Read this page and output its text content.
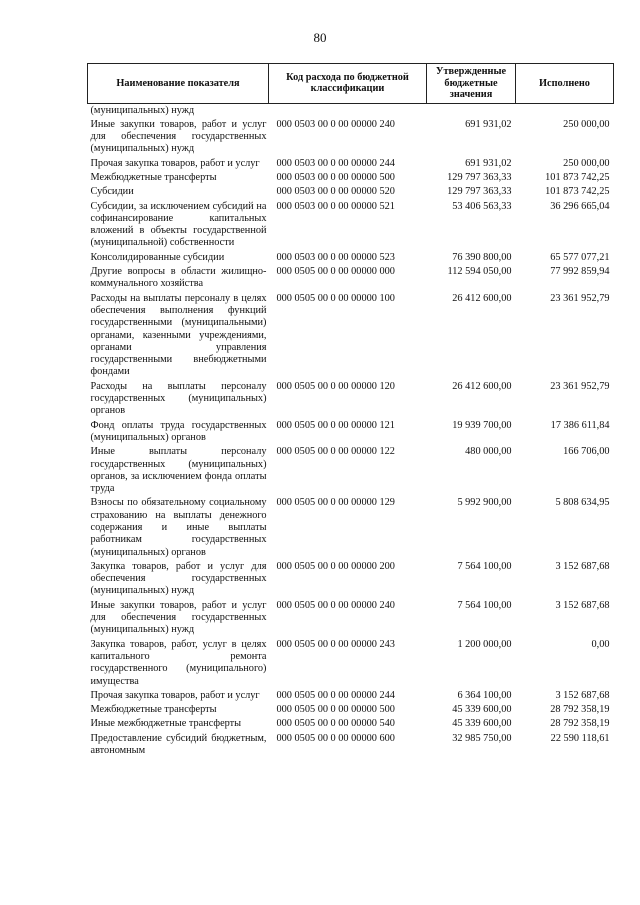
80
Наименование показателя	Код расхода по бюджетной классификации	Утвержденные бюджетные значения	Исполнено
(муниципальных) нужд			
Иные закупки товаров, работ и услуг для обеспечения государственных (муниципальных) нужд	000 0503 00 0 00 00000 240	691 931,02	250 000,00
Прочая закупка товаров, работ и услуг	000 0503 00 0 00 00000 244	691 931,02	250 000,00
Межбюджетные трансферты	000 0503 00 0 00 00000 500	129 797 363,33	101 873 742,25
Субсидии	000 0503 00 0 00 00000 520	129 797 363,33	101 873 742,25
Субсидии, за исключением субсидий на софинансирование капитальных вложений в объекты государственной (муниципальной) собственности	000 0503 00 0 00 00000 521	53 406 563,33	36 296 665,04
Консолидированные субсидии	000 0503 00 0 00 00000 523	76 390 800,00	65 577 077,21
Другие вопросы в области жилищно-коммунального хозяйства	000 0505 00 0 00 00000 000	112 594 050,00	77 992 859,94
Расходы на выплаты персоналу в целях обеспечения выполнения функций государственными (муниципальными) органами, казенными учреждениями, органами управления государственными внебюджетными фондами	000 0505 00 0 00 00000 100	26 412 600,00	23 361 952,79
Расходы на выплаты персоналу государственных (муниципальных) органов	000 0505 00 0 00 00000 120	26 412 600,00	23 361 952,79
Фонд оплаты труда государственных (муниципальных) органов	000 0505 00 0 00 00000 121	19 939 700,00	17 386 611,84
Иные выплаты персоналу государственных (муниципальных) органов, за исключением фонда оплаты труда	000 0505 00 0 00 00000 122	480 000,00	166 706,00
Взносы по обязательному социальному страхованию на выплаты денежного содержания и иные выплаты работникам государственных (муниципальных) органов	000 0505 00 0 00 00000 129	5 992 900,00	5 808 634,95
Закупка товаров, работ и услуг для обеспечения государственных (муниципальных) нужд	000 0505 00 0 00 00000 200	7 564 100,00	3 152 687,68
Иные закупки товаров, работ и услуг для обеспечения государственных (муниципальных) нужд	000 0505 00 0 00 00000 240	7 564 100,00	3 152 687,68
Закупка товаров, работ, услуг в целях капитального ремонта государственного (муниципального) имущества	000 0505 00 0 00 00000 243	1 200 000,00	0,00
Прочая закупка товаров, работ и услуг	000 0505 00 0 00 00000 244	6 364 100,00	3 152 687,68
Межбюджетные трансферты	000 0505 00 0 00 00000 500	45 339 600,00	28 792 358,19
Иные межбюджетные трансферты	000 0505 00 0 00 00000 540	45 339 600,00	28 792 358,19
Предоставление субсидий бюджетным, автономным	000 0505 00 0 00 00000 600	32 985 750,00	22 590 118,61
